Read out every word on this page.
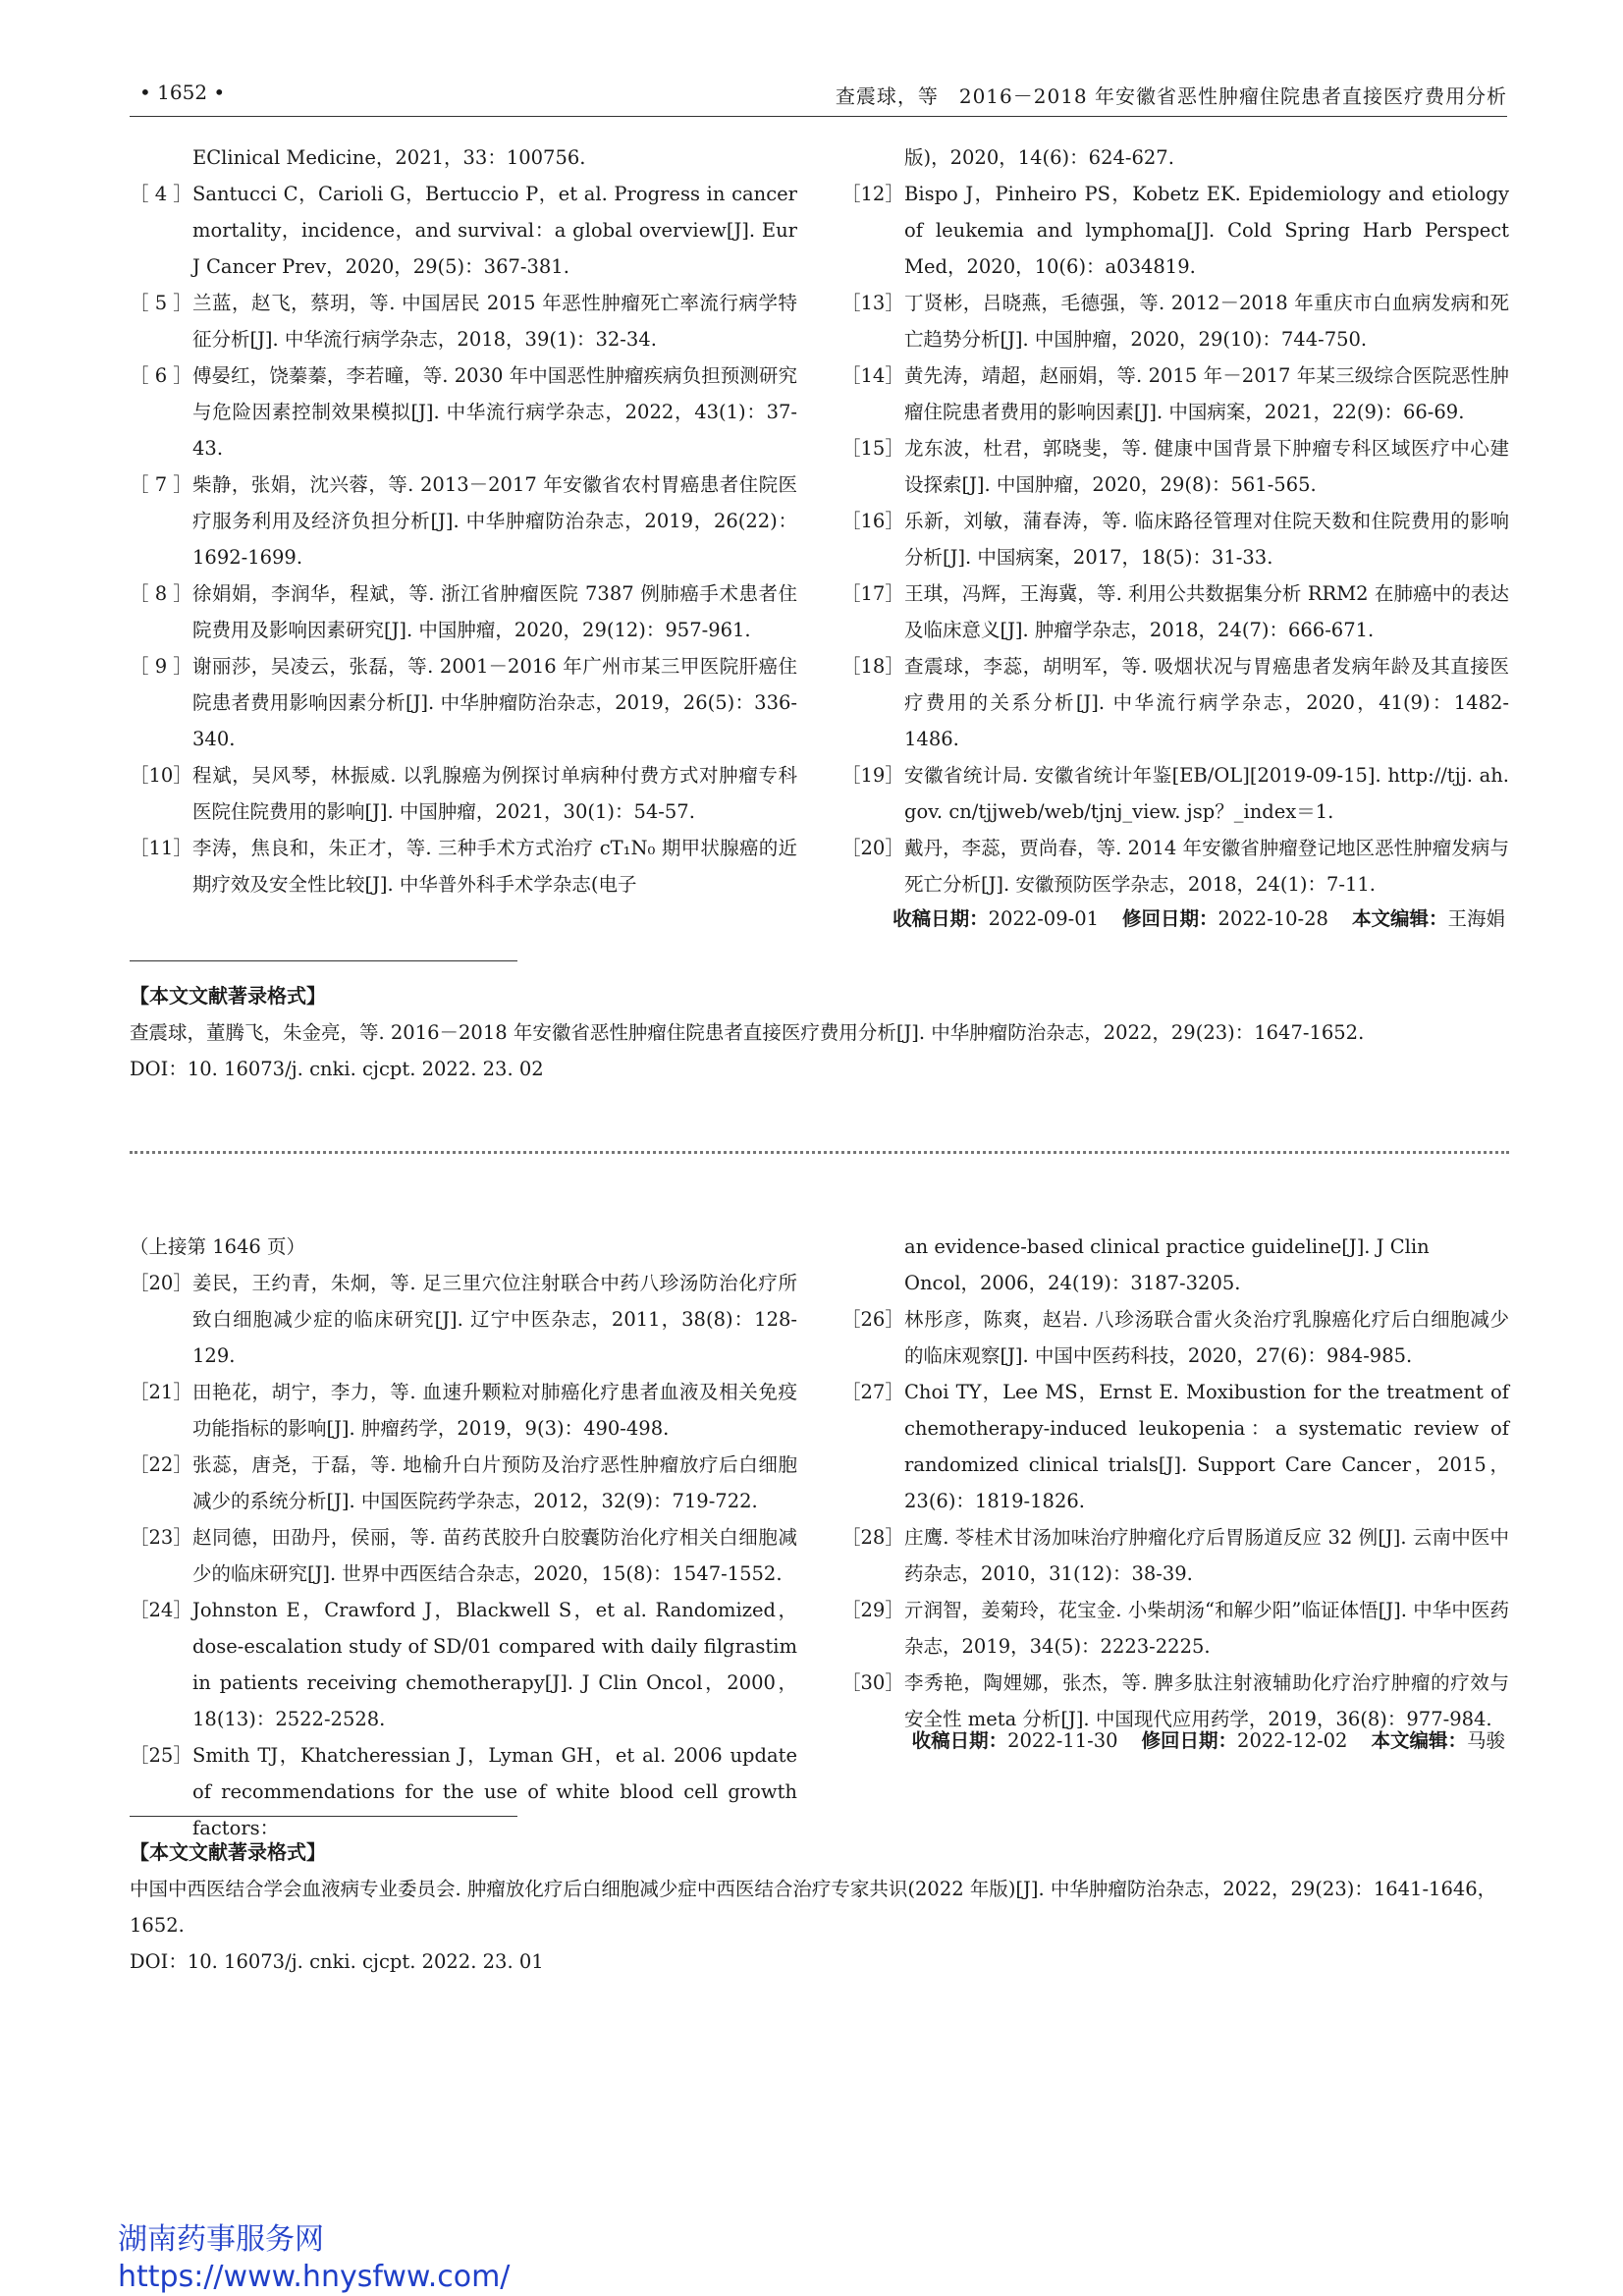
• 1652 •	查震球，等　2016－2018 年安徽省恶性肿瘤住院患者直接医疗费用分析
EClinical Medicine，2021，33：100756.
［ 4 ］ Santucci C，Carioli G，Bertuccio P，et al. Progress in cancer mortality，incidence，and survival：a global overview[J]. Eur J Cancer Prev，2020，29(5)：367-381.
［ 5 ］ 兰蓝，赵飞，蔡玥，等. 中国居民 2015 年恶性肿瘤死亡率流行病学特征分析[J]. 中华流行病学杂志，2018，39(1)：32-34.
［ 6 ］ 傅晏红，饶蓁蓁，李若曈，等. 2030 年中国恶性肿瘤疾病负担预测研究与危险因素控制效果模拟[J]. 中华流行病学杂志，2022，43(1)：37-43.
［ 7 ］ 柴静，张娟，沈兴蓉，等. 2013－2017 年安徽省农村胃癌患者住院医疗服务利用及经济负担分析[J]. 中华肿瘤防治杂志，2019，26(22)：1692-1699.
［ 8 ］ 徐娟娟，李润华，程斌，等. 浙江省肿瘤医院 7387 例肺癌手术患者住院费用及影响因素研究[J]. 中国肿瘤，2020，29(12)：957-961.
［ 9 ］ 谢丽莎，吴凌云，张磊，等. 2001－2016 年广州市某三甲医院肝癌住院患者费用影响因素分析[J]. 中华肿瘤防治杂志，2019，26(5)：336-340.
［10］ 程斌，吴风琴，林振威. 以乳腺癌为例探讨单病种付费方式对肿瘤专科医院住院费用的影响[J]. 中国肿瘤，2021，30(1)：54-57.
［11］ 李涛，焦良和，朱正才，等. 三种手术方式治疗 cT₁N₀ 期甲状腺癌的近期疗效及安全性比较[J]. 中华普外科手术学杂志(电子
版)，2020，14(6)：624-627.
［12］ Bispo J，Pinheiro PS，Kobetz EK. Epidemiology and etiology of leukemia and lymphoma[J]. Cold Spring Harb Perspect Med，2020，10(6)：a034819.
［13］ 丁贤彬，吕晓燕，毛德强，等. 2012－2018 年重庆市白血病发病和死亡趋势分析[J]. 中国肿瘤，2020，29(10)：744-750.
［14］ 黄先涛，靖超，赵丽娟，等. 2015 年－2017 年某三级综合医院恶性肿瘤住院患者费用的影响因素[J]. 中国病案，2021，22(9)：66-69.
［15］ 龙东波，杜君，郭晓斐，等. 健康中国背景下肿瘤专科区域医疗中心建设探索[J]. 中国肿瘤，2020，29(8)：561-565.
［16］ 乐新，刘敏，蒲春涛，等. 临床路径管理对住院天数和住院费用的影响分析[J]. 中国病案，2017，18(5)：31-33.
［17］ 王琪，冯辉，王海冀，等. 利用公共数据集分析 RRM2 在肺癌中的表达及临床意义[J]. 肿瘤学杂志，2018，24(7)：666-671.
［18］ 查震球，李蕊，胡明军，等. 吸烟状况与胃癌患者发病年龄及其直接医疗费用的关系分析[J]. 中华流行病学杂志，2020，41(9)：1482-1486.
［19］ 安徽省统计局. 安徽省统计年鉴[EB/OL][2019-09-15]. http://tjj. ah. gov. cn/tjjweb/web/tjnj_view. jsp？_index＝1.
［20］ 戴丹，李蕊，贾尚春，等. 2014 年安徽省肿瘤登记地区恶性肿瘤发病与死亡分析[J]. 安徽预防医学杂志，2018，24(1)：7-11.
收稿日期：2022-09-01 修回日期：2022-10-28 本文编辑：王海娟
【本文文献著录格式】
查震球，董腾飞，朱金亮，等. 2016－2018 年安徽省恶性肿瘤住院患者直接医疗费用分析[J]. 中华肿瘤防治杂志，2022，29(23)：1647-1652.
DOI：10. 16073/j. cnki. cjcpt. 2022. 23. 02
（上接第 1646 页）
［20］ 姜民，王约青，朱炯，等. 足三里穴位注射联合中药八珍汤防治化疗所致白细胞减少症的临床研究[J]. 辽宁中医杂志，2011，38(8)：128-129.
［21］ 田艳花，胡宁，李力，等. 血速升颗粒对肺癌化疗患者血液及相关免疫功能指标的影响[J]. 肿瘤药学，2019，9(3)：490-498.
［22］ 张蕊，唐尧，于磊，等. 地榆升白片预防及治疗恶性肿瘤放疗后白细胞减少的系统分析[J]. 中国医院药学杂志，2012，32(9)：719-722.
［23］ 赵同德，田劭丹，侯丽，等. 苗药芪胶升白胶囊防治化疗相关白细胞减少的临床研究[J]. 世界中西医结合杂志，2020，15(8)：1547-1552.
［24］ Johnston E，Crawford J，Blackwell S，et al. Randomized，dose-escalation study of SD/01 compared with daily filgrastim in patients receiving chemotherapy[J]. J Clin Oncol，2000，18(13)：2522-2528.
［25］ Smith TJ，Khatcheressian J，Lyman GH，et al. 2006 update of recommendations for the use of white blood cell growth factors：
an evidence-based clinical practice guideline[J]. J Clin Oncol，2006，24(19)：3187-3205.
［26］ 林彤彦，陈爽，赵岩. 八珍汤联合雷火灸治疗乳腺癌化疗后白细胞减少的临床观察[J]. 中国中医药科技，2020，27(6)：984-985.
［27］ Choi TY，Lee MS，Ernst E. Moxibustion for the treatment of chemotherapy-induced leukopenia：a systematic review of randomized clinical trials[J]. Support Care Cancer，2015，23(6)：1819-1826.
［28］ 庄鹰. 苓桂术甘汤加味治疗肿瘤化疗后胃肠道反应 32 例[J]. 云南中医中药杂志，2010，31(12)：38-39.
［29］ 亓润智，姜菊玲，花宝金. 小柴胡汤“和解少阳”临证体悟[J]. 中华中医药杂志，2019，34(5)：2223-2225.
［30］ 李秀艳，陶娌娜，张杰，等. 脾多肽注射液辅助化疗治疗肿瘤的疗效与安全性 meta 分析[J]. 中国现代应用药学，2019，36(8)：977-984.
收稿日期：2022-11-30 修回日期：2022-12-02 本文编辑：马骏
【本文文献著录格式】
中国中西医结合学会血液病专业委员会. 肿瘤放化疗后白细胞减少症中西医结合治疗专家共识(2022 年版)[J]. 中华肿瘤防治杂志，2022，29(23)：1641-1646，1652.
DOI：10. 16073/j. cnki. cjcpt. 2022. 23. 01
湖南药事服务网
https://www.hnysfww.com/
